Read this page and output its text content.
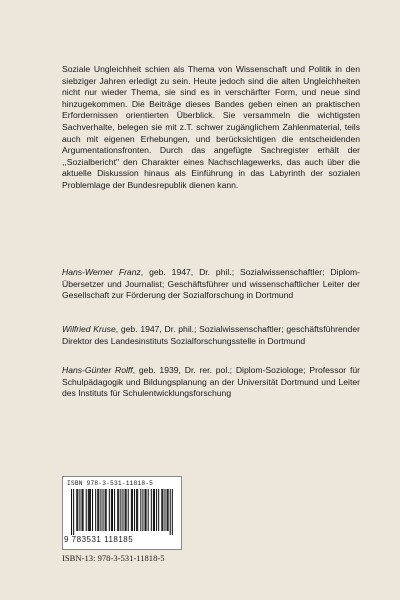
Soziale Ungleichheit schien als Thema von Wissenschaft und Politik in den siebziger Jahren erledigt zu sein. Heute jedoch sind die alten Ungleichheiten nicht nur wieder Thema, sie sind es in verschärfter Form, und neue sind hinzugekommen. Die Beiträge dieses Bandes geben einen an praktischen Erfordernissen orientierten Überblick. Sie versammeln die wichtigsten Sachverhalte, belegen sie mit z.T. schwer zugänglichem Zahlenmaterial, teils auch mit eigenen Erhebungen, und berücksichtigen die entscheidenden Argumentationsfronten. Durch das angefügte Sachregister erhält der ,,Sozialbericht" den Charakter eines Nachschlagewerks, das auch über die aktuelle Diskussion hinaus als Einführung in das Labyrinth der sozialen Problemlage der Bundesrepublik dienen kann.

Hans-Werner Franz, geb. 1947, Dr. phil.; Sozialwissenschaftler; Diplom-Übersetzer und Journalist; Geschäftsführer und wissenschaftlicher Leiter der Gesellschaft zur Förderung der Sozialforschung in Dortmund

Wilfried Kruse, geb. 1947, Dr. phil.; Sozialwissenschaftler; geschäftsführender Direktor des Landesinstituts Sozialforschungsstelle in Dortmund

Hans-Günter Rolff, geb. 1939, Dr. rer. pol.; Diplom-Soziologe; Professor für Schulpädagogik und Bildungsplanung an der Universität Dortmund und Leiter des Instituts für Schulentwicklungsforschung

ISBN 978-3-531-11818-5
9 783531 118185
ISBN-13: 978-3-531-11818-5
